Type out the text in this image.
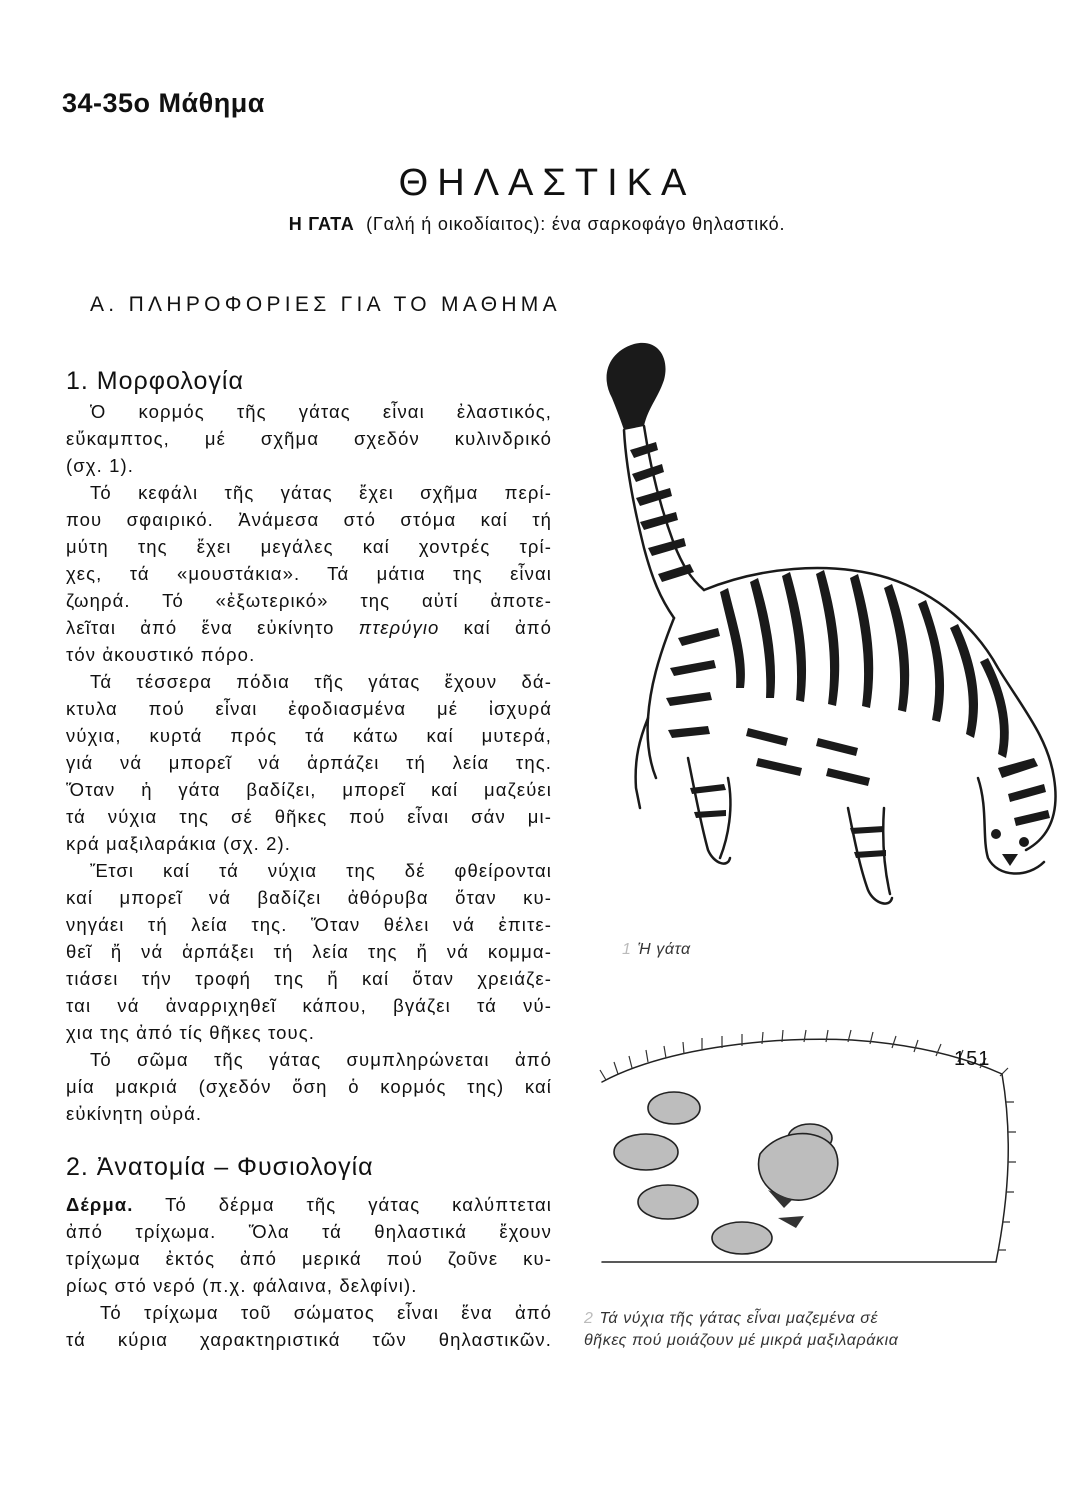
34-35ο Μάθημα
ΘΗΛΑΣΤΙΚΑ
Η ΓΑΤΑ (Γαλή ή οικοδίαιτος): ένα σαρκοφάγο θηλαστικό.
Α. ΠΛΗΡΟΦΟΡΙΕΣ ΓΙΑ ΤΟ ΜΑΘΗΜΑ
1. Μορφολογία

Ὁ κορμός τῆς γάτας εἶναι ἐλαστικός,

εὔκαμπτος, μέ σχῆμα σχεδόν κυλινδρικό

(σχ. 1).

Τό κεφάλι τῆς γάτας ἔχει σχῆμα περί-

που σφαιρικό. Ἀνάμεσα στό στόμα καί τή

μύτη της ἔχει μεγάλες καί χοντρές τρί-

χες, τά «μουστάκια». Τά μάτια της εἶναι

ζωηρά. Τό «ἐξωτερικό» της αὐτί ἀποτε-

λεῖται ἀπό ἕνα εὐκίνητο πτερύγιο καί ἀπό

τόν ἀκουστικό πόρο.

Τά τέσσερα πόδια τῆς γάτας ἔχουν δά-

κτυλα πού εἶναι ἐφοδιασμένα μέ ἰσχυρά

νύχια, κυρτά πρός τά κάτω καί μυτερά,

γιά νά μπορεῖ νά ἁρπάζει τή λεία της.

Ὅταν ἡ γάτα βαδίζει, μπορεῖ καί μαζεύει

τά νύχια της σέ θῆκες πού εἶναι σάν μι-

κρά μαξιλαράκια (σχ. 2).

Ἔτσι καί τά νύχια της δέ φθείρονται

καί μπορεῖ νά βαδίζει ἀθόρυβα ὅταν κυ-

νηγάει τή λεία της. Ὅταν θέλει νά ἐπιτε-

θεῖ ἤ νά ἁρπάξει τή λεία της ἤ νά κομμα-

τιάσει τήν τροφή της ἤ καί ὅταν χρειάζε-

ται νά ἀναρριχηθεῖ κάπου, βγάζει τά νύ-

χια της ἀπό τίς θῆκες τους.

Τό σῶμα τῆς γάτας συμπληρώνεται ἀπό

μία μακριά (σχεδόν ὅση ὁ κορμός της) καί

εὐκίνητη οὐρά.

2. Ἀνατομία – Φυσιολογία

Δέρμα. Τό δέρμα τῆς γάτας καλύπτεται

ἀπό τρίχωμα. Ὅλα τά θηλαστικά ἔχουν

τρίχωμα ἐκτός ἀπό μερικά πού ζοῦνε κυ-

ρίως στό νερό (π.χ. φάλαινα, δελφίνι).

Τό τρίχωμα τοῦ σώματος εἶναι ἕνα ἀπό

τά κύρια χαρακτηριστικά τῶν θηλαστικῶν.

1 Ἡ γάτα
2 Τά νύχια τῆς γάτας εἶναι μαζεμένα σέ
θῆκες πού μοιάζουν μέ μικρά μαξιλαράκια
151
